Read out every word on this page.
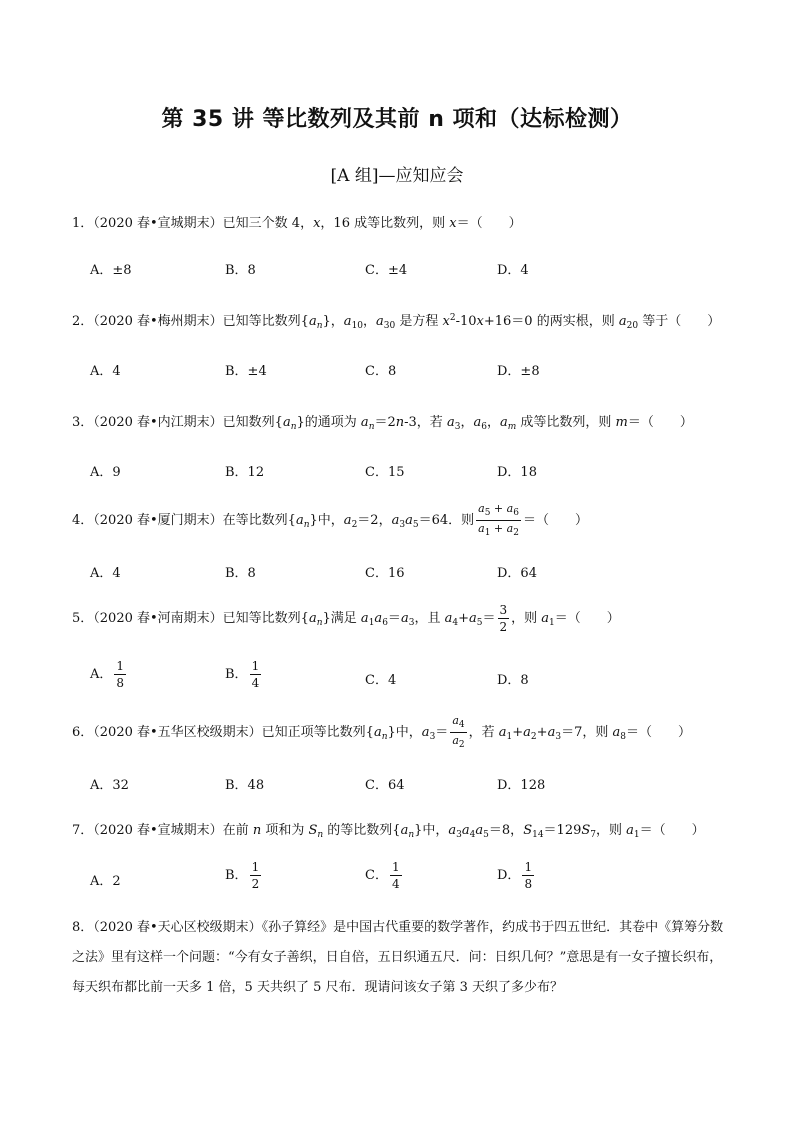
第 35 讲 等比数列及其前 n 项和（达标检测）
[A 组]—应知应会
1．（2020 春•宣城期末）已知三个数 4，x，16 成等比数列，则 x＝（　　）
A．±8	B．8	C．±4	D．4
2．（2020 春•梅州期末）已知等比数列$\{a_n\}$，$a_{10}$，$a_{30}$ 是方程 $x^2-10x+16=0$ 的两实根，则 $a_{20}$ 等于（　　）
A．4	B．±4	C．8	D．±8
3．（2020 春•内江期末）已知数列$\{a_n\}$的通项为 $a_n=2n-3$，若 $a_3$，$a_6$，$a_m$ 成等比数列，则 m＝（　　）
A．9	B．12	C．15	D．18
4．（2020 春•厦门期末）在等比数列$\{a_n\}$中，$a_2=2$，$a_3a_5=64$．则 $\frac{a_5 + a_6}{a_1 + a_2}$ ＝（　　）
A．4	B．8	C．16	D．64
5．（2020 春•河南期末）已知等比数列$\{a_n\}$满足 $a_1a_6=a_3$，且 $a_4+a_5= \frac{3}{2}$ ，则 $a_1=$（　　）
A． $\frac{1}{8}$	B． $\frac{1}{4}$	C．4	D．8
6．（2020 春•五华区校级期末）已知正项等比数列$\{a_n\}$中，$a_3= \frac{a_4}{a_2}$ ，若 $a_1+a_2+a_3=7$，则 $a_8=$（　　）
A．32	B．48	C．64	D．128
7．（2020 春•宣城期末）在前 n 项和为 $S_n$ 的等比数列$\{a_n\}$中，$a_3a_4a_5=8$，$S_{14}=129S_7$，则 $a_1=$（　　）
A．2	B． $\frac{1}{2}$	C． $\frac{1}{4}$	D． $\frac{1}{8}$
8．（2020 春•天心区校级期末）《孙子算经》是中国古代重要的数学著作，约成书于四五世纪．其卷中《算筹分数之法》里有这样一个问题：“今有女子善织，日自倍，五日织通五尺．问：日织几何？”意思是有一女子擅长织布，每天织布都比前一天多 1 倍，5 天共织了 5 尺布．现请问该女子第 3 天织了多少布？
